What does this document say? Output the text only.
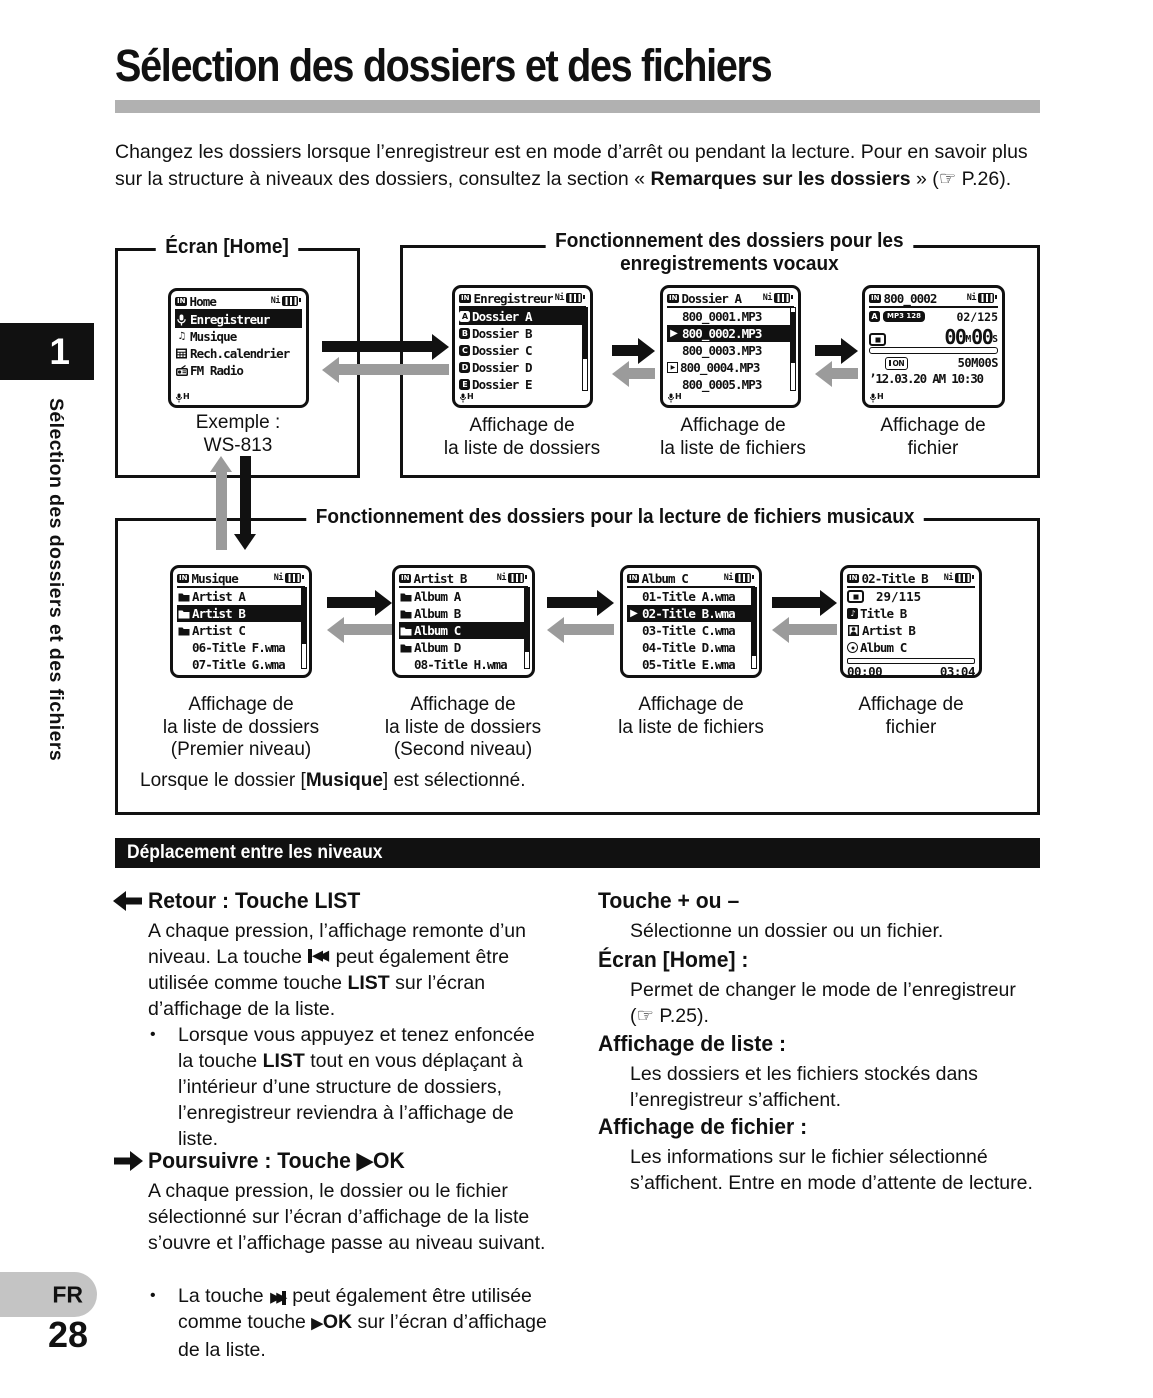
1
Sélection des dossiers et des fichiers
FR
28
Sélection des dossiers et des fichiers
Changez les dossiers lorsque l’enregistreur est en mode d’arrêt ou pendant la lecture. Pour en savoir plus sur la structure à niveaux des dossiers, consultez la section « Remarques sur les dossiers » (☞ P.26).
Écran [Home]	Fonctionnement des dossiers pour les
enregistrements vocaux
Fonctionnement des dossiers pour la lecture de fichiers musicaux
IN Home	Ni
Enregistreur
♫ Musique
Rech.calendrier
FM Radio
H
IN Enregistreur Ni
A Dossier A
B Dossier B
C Dossier C
D Dossier D
E Dossier E
H
IN Dossier A	Ni
800_0001.MP3
▶ 800_0002.MP3
800_0003.MP3
▶ 800_0004.MP3
800_0005.MP3
H
IN 800_0002	Ni
A	MP3 128	02/125
00 M 00 S
ON	50M00S
’12.03.20 AM 10:30
H
IN Musique	Ni
Artist A
Artist B
Artist C
06-Title F.wma
07-Title G.wma
IN Artist B	Ni
Album A
Album B
Album C
Album D
08-Title H.wma
IN Album C	Ni
01-Title A.wma
▶ 02-Title B.wma
03-Title C.wma
04-Title D.wma
05-Title E.wma
IN 02-Title B	Ni
29/115
♪ Title B
Artist B
Album C
00:00	03:04
Exemple :
WS-813
Affichage de
la liste de dossiers
Affichage de
la liste de fichiers
Affichage de
fichier
Affichage de
la liste de dossiers
(Premier niveau)
Affichage de
la liste de dossiers
(Second niveau)
Affichage de
la liste de fichiers
Affichage de
fichier
Lorsque le dossier [Musique] est sélectionné.
Déplacement entre les niveaux
Retour : Touche LIST
A chaque pression, l’affichage remonte d’un niveau. La touche ◀◀ peut également être utilisée comme touche LIST sur l’écran d’affichage de la liste.
• Lorsque vous appuyez et tenez enfoncée la touche LIST tout en vous déplaçant à l’intérieur d’une structure de dossiers, l’enregistreur reviendra à l’affichage de liste.
Poursuivre : Touche ▶OK
A chaque pression, le dossier ou le fichier sélectionné sur l’écran d’affichage de la liste s’ouvre et l’affichage passe au niveau suivant.
• La touche ▶▶ peut également être utilisée comme touche ▶OK sur l’écran d’affichage de la liste.
Touche + ou –
Sélectionne un dossier ou un fichier.
Écran [Home] :
Permet de changer le mode de l’enregistreur (☞ P.25).
Affichage de liste :
Les dossiers et les fichiers stockés dans l’enregistreur s’affichent.
Affichage de fichier :
Les informations sur le fichier sélectionné s’affichent. Entre en mode d’attente de lecture.
